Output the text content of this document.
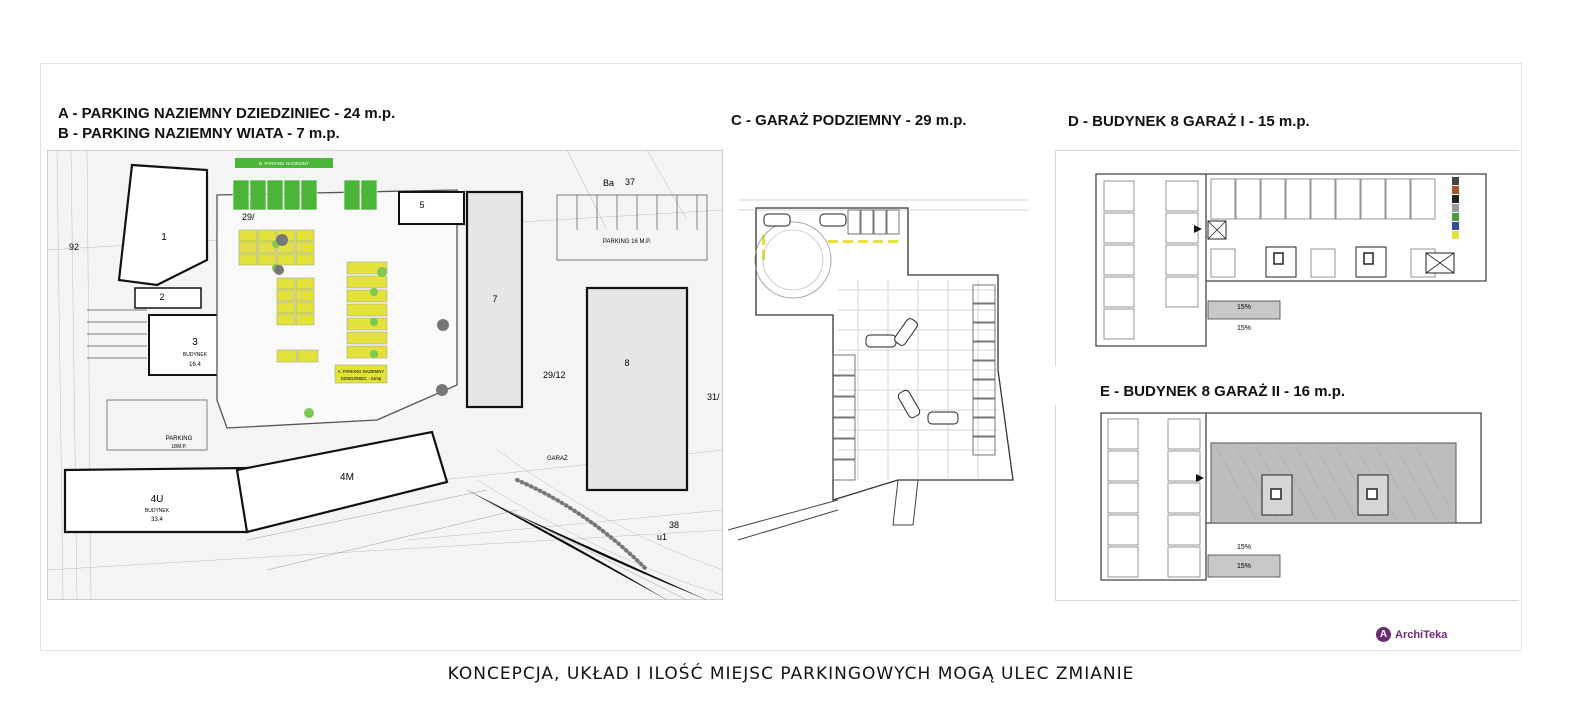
A - PARKING NAZIEMNY DZIEDZINIEC - 24 m.p.
B - PARKING NAZIEMNY WIATA - 7 m.p.
C - GARAŻ PODZIEMNY - 29 m.p.	D - BUDYNEK 8 GARAŻ I - 15 m.p.
E - BUDYNEK 8 GARAŻ II - 16 m.p.
1
2
3
BUDYNEK
16.4
5
7
8
4U
BUDYNEK
33.4
4M
PARKING 16 M.P.
PARKING
18M.P.
B. PARKING NAZIEMNY
A. PARKING NAZIEMNY
DZIEDZINIEC - 24mp
29/
29/12
37
Ba
92
38
u1
31/
GARAŻ
15%
15%
15%
15%
A ArchiTeka
KONCEPCJA, UKŁAD I ILOŚĆ MIEJSC PARKINGOWYCH MOGĄ ULEC ZMIANIE
